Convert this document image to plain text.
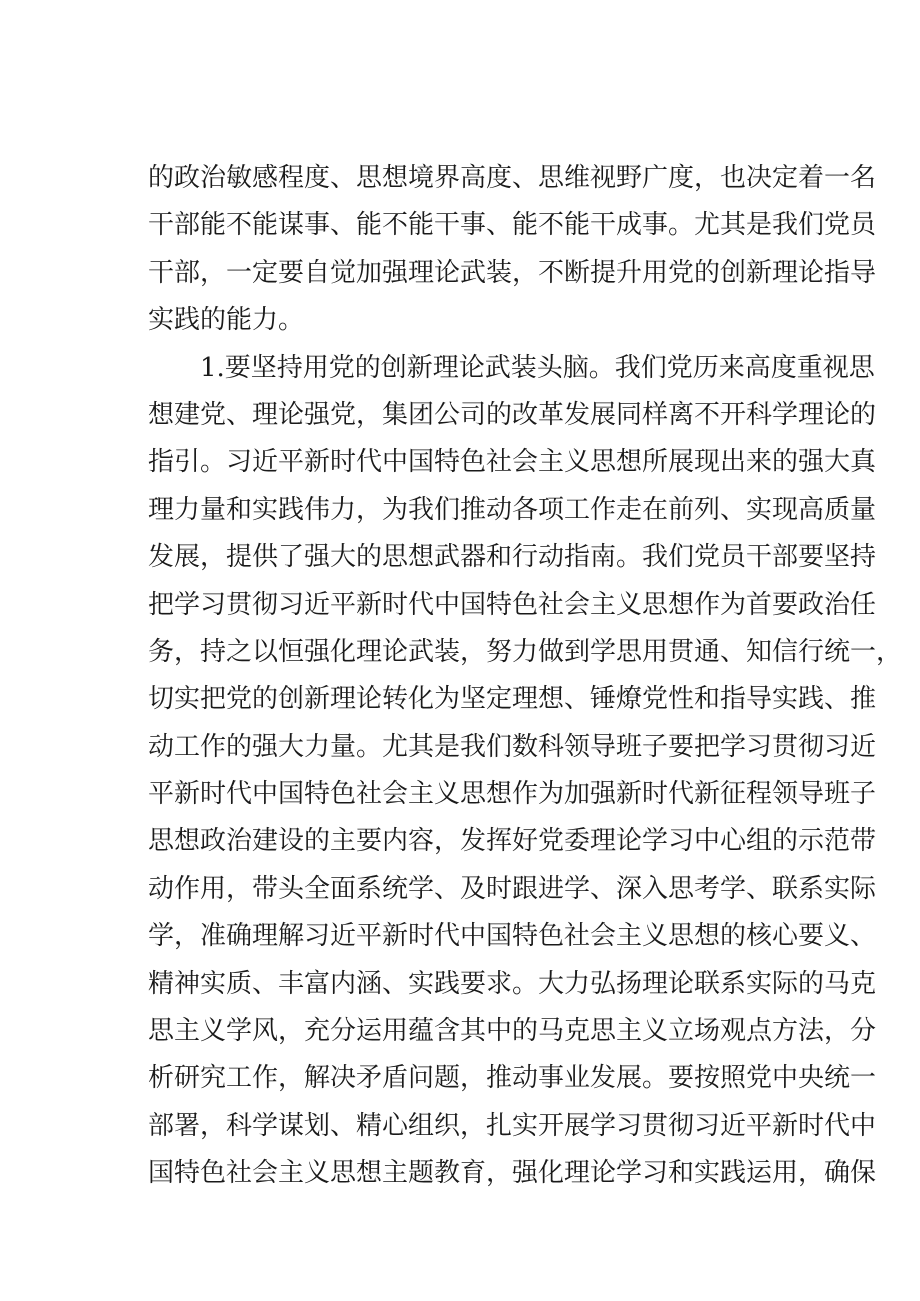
的政治敏感程度、思想境界高度、思维视野广度，也决定着一名
干部能不能谋事、能不能干事、能不能干成事。尤其是我们党员
干部，一定要自觉加强理论武装，不断提升用党的创新理论指导
实践的能力。
1.要坚持用党的创新理论武装头脑。我们党历来高度重视思
想建党、理论强党，集团公司的改革发展同样离不开科学理论的
指引。习近平新时代中国特色社会主义思想所展现出来的强大真
理力量和实践伟力，为我们推动各项工作走在前列、实现高质量
发展，提供了强大的思想武器和行动指南。我们党员干部要坚持
把学习贯彻习近平新时代中国特色社会主义思想作为首要政治任
务，持之以恒强化理论武装，努力做到学思用贯通、知信行统一，
切实把党的创新理论转化为坚定理想、锤燎党性和指导实践、推
动工作的强大力量。尤其是我们数科领导班子要把学习贯彻习近
平新时代中国特色社会主义思想作为加强新时代新征程领导班子
思想政治建设的主要内容，发挥好党委理论学习中心组的示范带
动作用，带头全面系统学、及时跟进学、深入思考学、联系实际
学，准确理解习近平新时代中国特色社会主义思想的核心要义、
精神实质、丰富内涵、实践要求。大力弘扬理论联系实际的马克
思主义学风，充分运用蕴含其中的马克思主义立场观点方法，分
析研究工作，解决矛盾问题，推动事业发展。要按照党中央统一
部署，科学谋划、精心组织，扎实开展学习贯彻习近平新时代中
国特色社会主义思想主题教育，强化理论学习和实践运用，确保
